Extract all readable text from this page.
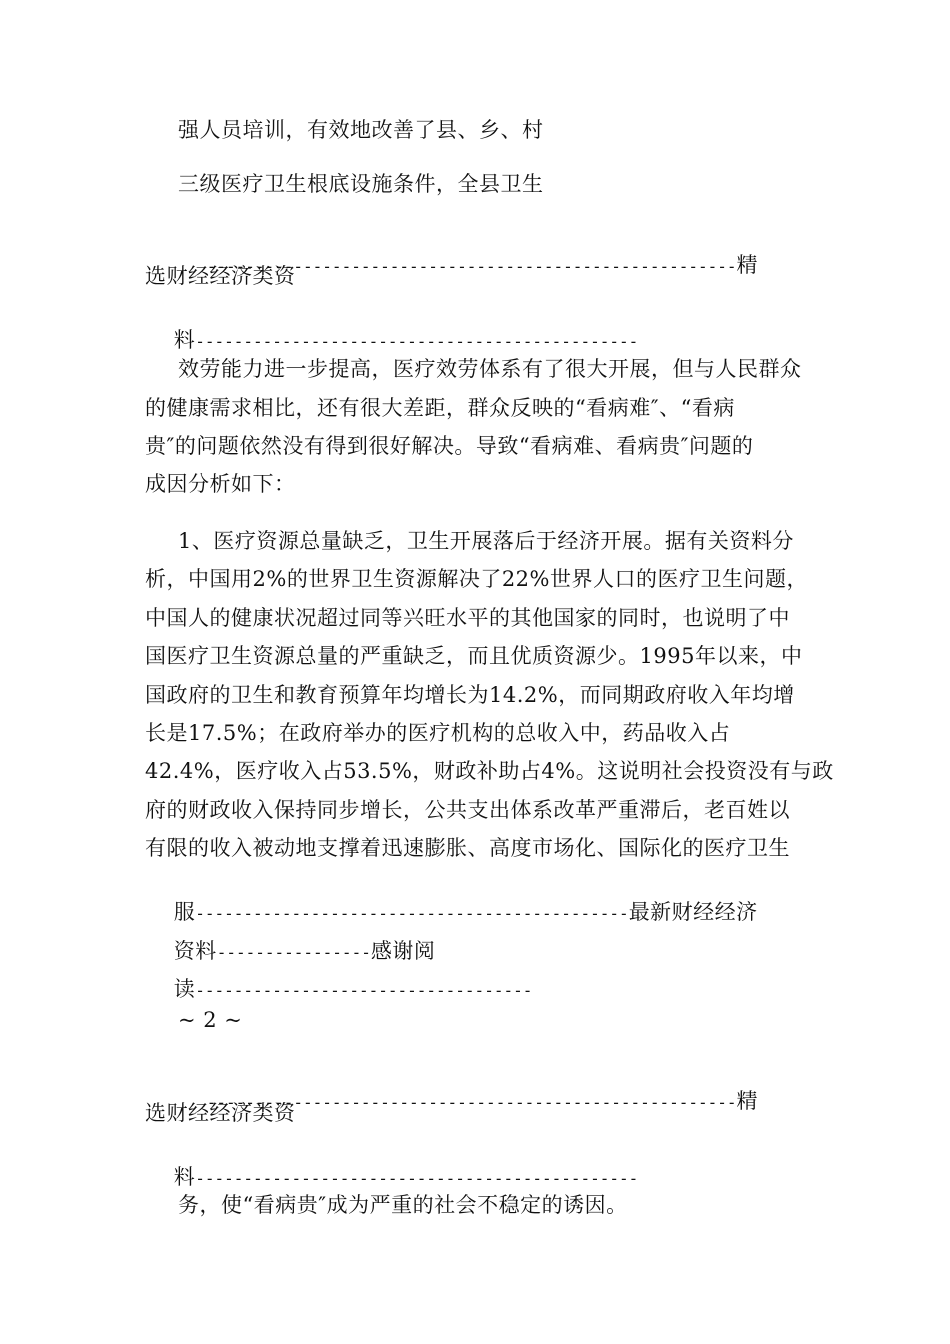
强人员培训，有效地改善了县、乡、村
三级医疗卫生根底设施条件，全县卫生

-------------------------------------------------------精

选财经经济类资

料----------------------------------------------

效劳能力进一步提高，医疗效劳体系有了很大开展，但与人民群众
的健康需求相比，还有很大差距，群众反映的“看病难″、“看病
贵″的问题依然没有得到很好解决。导致“看病难、看病贵″问题的
成因分析如下：
1、医疗资源总量缺乏，卫生开展落后于经济开展。据有关资料分
析，中国用2%的世界卫生资源解决了22%世界人口的医疗卫生问题，
中国人的健康状况超过同等兴旺水平的其他国家的同时，也说明了中
国医疗卫生资源总量的严重缺乏，而且优质资源少。1995年以来，中
国政府的卫生和教育预算年均增长为14.2%，而同期政府收入年均增
长是17.5%；在政府举办的医疗机构的总收入中，药品收入占
42.4%，医疗收入占53.5%，财政补助占4%。这说明社会投资没有与政
府的财政收入保持同步增长，公共支出体系改革严重滞后，老百姓以
有限的收入被动地支撑着迅速膨胀、高度市场化、国际化的医疗卫生

服---------------------------------------------最新财经经济

资料----------------感谢阅

读-----------------------------------

~ 2 ~

-------------------------------------------------------精

选财经经济类资

料----------------------------------------------

务，使“看病贵″成为严重的社会不稳定的诱因。
